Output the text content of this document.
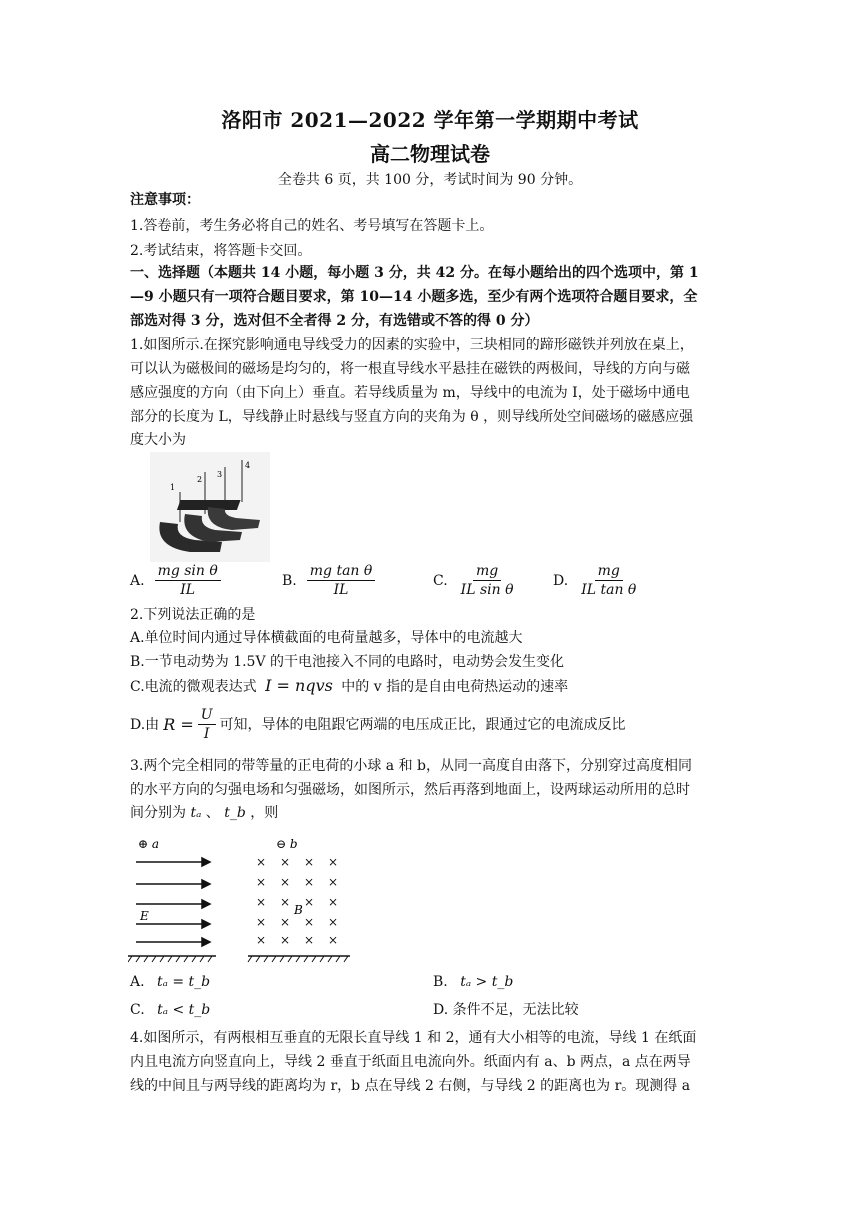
洛阳市 2021—2022 学年第一学期期中考试
高二物理试卷
全卷共 6 页，共 100 分，考试时间为 90 分钟。
注意事项：
1.答卷前，考生务必将自己的姓名、考号填写在答题卡上。
2.考试结束，将答题卡交回。
一、选择题（本题共 14 小题，每小题 3 分，共 42 分。在每小题给出的四个选项中，第 1
—9 小题只有一项符合题目要求，第 10—14 小题多选，至少有两个选项符合题目要求，全
部选对得 3 分，选对但不全者得 2 分，有选错或不答的得 0 分）
1.如图所示.在探究影响通电导线受力的因素的实验中，三块相同的蹄形磁铁并列放在桌上，
可以认为磁极间的磁场是均匀的，将一根直导线水平悬挂在磁铁的两极间，导线的方向与磁
感应强度的方向（由下向上）垂直。若导线质量为 m，导线中的电流为 I，处于磁场中通电
部分的长度为 L，导线静止时悬线与竖直方向的夹角为 θ ，则导线所处空间磁场的磁感应强
度大小为
1
2
3
4
A. $\frac{\text{mg sin θ}}{IL}$	B. $\frac{\text{mg tan θ}}{IL}$	C. $\frac{mg}{\text{IL sin θ}}$	D. $\frac{mg}{\text{IL tan θ}}$
2.下列说法正确的是
A.单位时间内通过导体横截面的电荷量越多，导体中的电流越大
B.一节电动势为 1.5V 的干电池接入不同的电路时，电动势会发生变化
C.电流的微观表达式 I = nqvs 中的 v 指的是自由电荷热运动的速率
D.由 $R = \frac{U}{I}$ 可知，导体的电阻跟它两端的电压成正比，跟通过它的电流成反比
3.两个完全相同的带等量的正电荷的小球 a 和 b，从同一高度自由落下，分别穿过高度相同
的水平方向的匀强电场和匀强磁场，如图所示，然后再落到地面上，设两球运动所用的总时
间分别为 tₐ 、 t_b ，则
⊕ a	⊖ b
E
× × × ×
× × × ×
× × × ×
× × × ×
× × × ×
B
A. tₐ = t_b	B. tₐ > t_b
C. tₐ < t_b	D. 条件不足，无法比较
4.如图所示，有两根相互垂直的无限长直导线 1 和 2，通有大小相等的电流，导线 1 在纸面
内且电流方向竖直向上，导线 2 垂直于纸面且电流向外。纸面内有 a、b 两点，a 点在两导
线的中间且与两导线的距离均为 r，b 点在导线 2 右侧，与导线 2 的距离也为 r。现测得 a
